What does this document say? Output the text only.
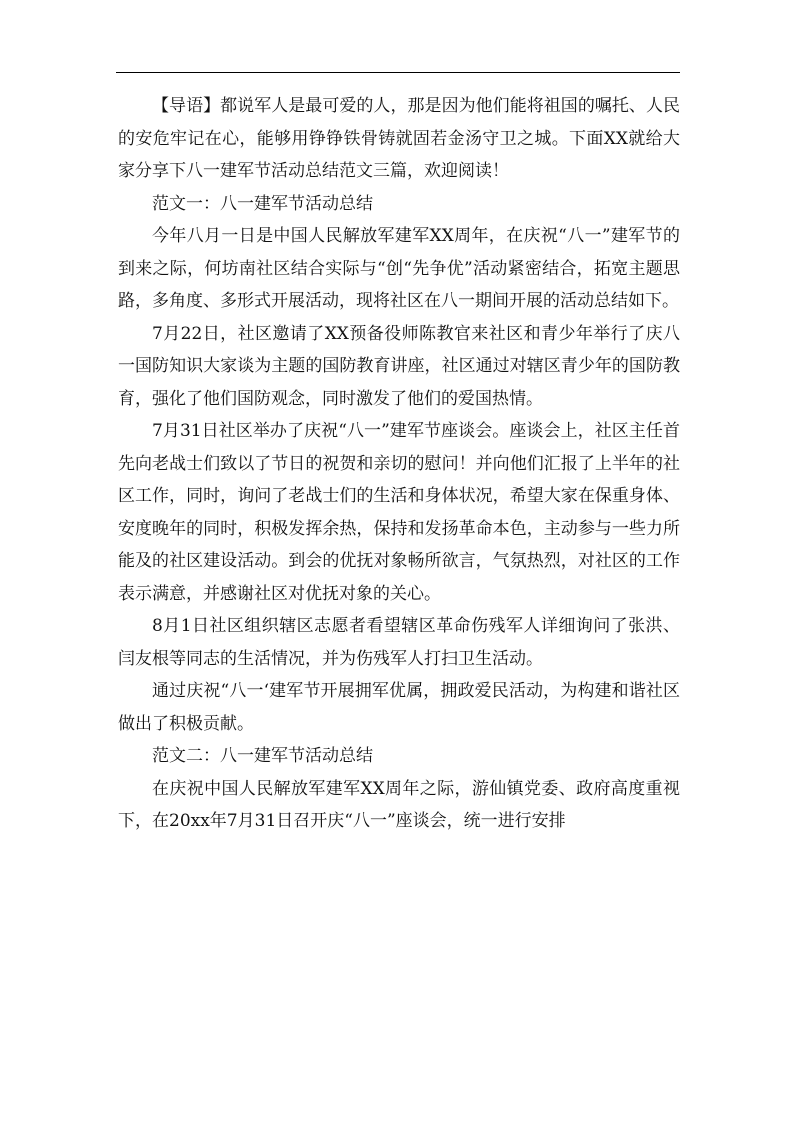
【导语】都说军人是最可爱的人，那是因为他们能将祖国的嘱托、人民的安危牢记在心，能够用铮铮铁骨铸就固若金汤守卫之城。下面XX就给大家分享下八一建军节活动总结范文三篇，欢迎阅读！

范文一：八一建军节活动总结

今年八月一日是中国人民解放军建军XX周年，在庆祝“八一”建军节的到来之际，何坊南社区结合实际与“创“先争优”活动紧密结合，拓宽主题思路，多角度、多形式开展活动，现将社区在八一期间开展的活动总结如下。

7月22日，社区邀请了XX预备役师陈教官来社区和青少年举行了庆八一国防知识大家谈为主题的国防教育讲座，社区通过对辖区青少年的国防教育，强化了他们国防观念，同时激发了他们的爱国热情。

7月31日社区举办了庆祝“八一”建军节座谈会。座谈会上，社区主任首先向老战士们致以了节日的祝贺和亲切的慰问！并向他们汇报了上半年的社区工作，同时，询问了老战士们的生活和身体状况，希望大家在保重身体、安度晚年的同时，积极发挥余热，保持和发扬革命本色，主动参与一些力所能及的社区建设活动。到会的优抚对象畅所欲言，气氛热烈，对社区的工作表示满意，并感谢社区对优抚对象的关心。

8月1日社区组织辖区志愿者看望辖区革命伤残军人详细询问了张洪、闫友根等同志的生活情况，并为伤残军人打扫卫生活动。

通过庆祝“八一‘建军节开展拥军优属，拥政爱民活动，为构建和谐社区做出了积极贡献。

范文二：八一建军节活动总结

在庆祝中国人民解放军建军XX周年之际，游仙镇党委、政府高度重视下，在20xx年7月31日召开庆“八一”座谈会，统一进行安排
